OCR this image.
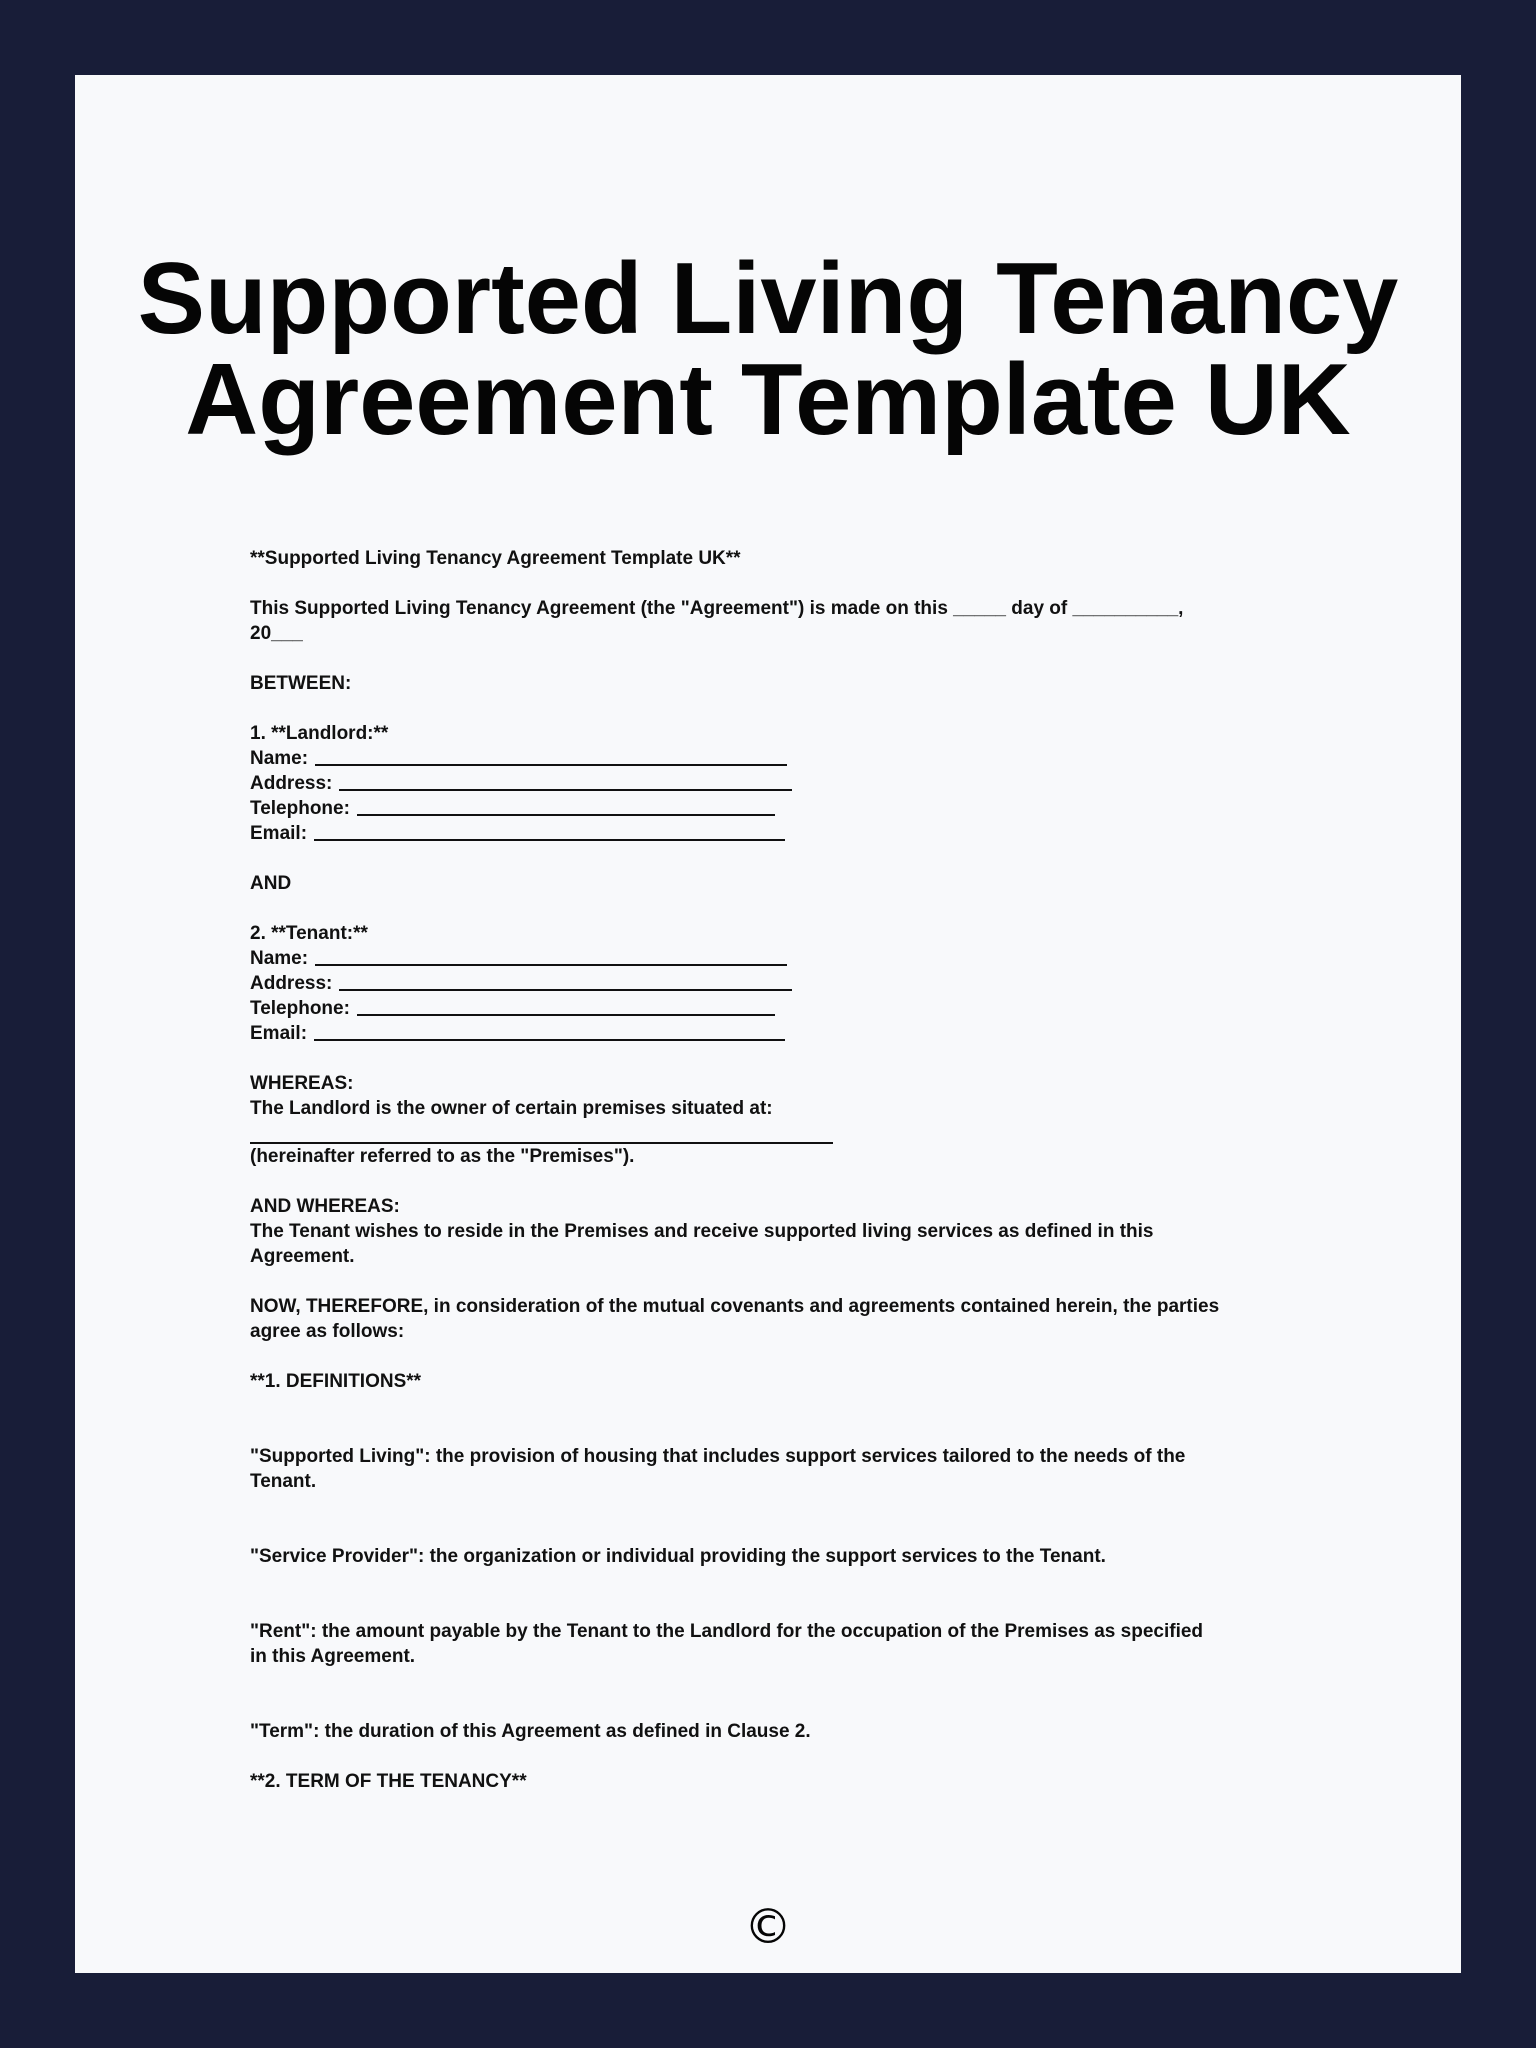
Supported Living Tenancy
Agreement Template UK

**Supported Living Tenancy Agreement Template UK**

This Supported Living Tenancy Agreement (the "Agreement") is made on this _____ day of __________,

20___

BETWEEN:

1. **Landlord:**

Name:

Address:

Telephone:

Email:

AND

2. **Tenant:**

Name:

Address:

Telephone:

Email:

WHEREAS:

The Landlord is the owner of certain premises situated at:

(hereinafter referred to as the "Premises").

AND WHEREAS:

The Tenant wishes to reside in the Premises and receive supported living services as defined in this

Agreement.

NOW, THEREFORE, in consideration of the mutual covenants and agreements contained herein, the parties

agree as follows:

**1. DEFINITIONS**

"Supported Living": the provision of housing that includes support services tailored to the needs of the

Tenant.

"Service Provider": the organization or individual providing the support services to the Tenant.

"Rent": the amount payable by the Tenant to the Landlord for the occupation of the Premises as specified

in this Agreement.

"Term": the duration of this Agreement as defined in Clause 2.

**2. TERM OF THE TENANCY**

©
